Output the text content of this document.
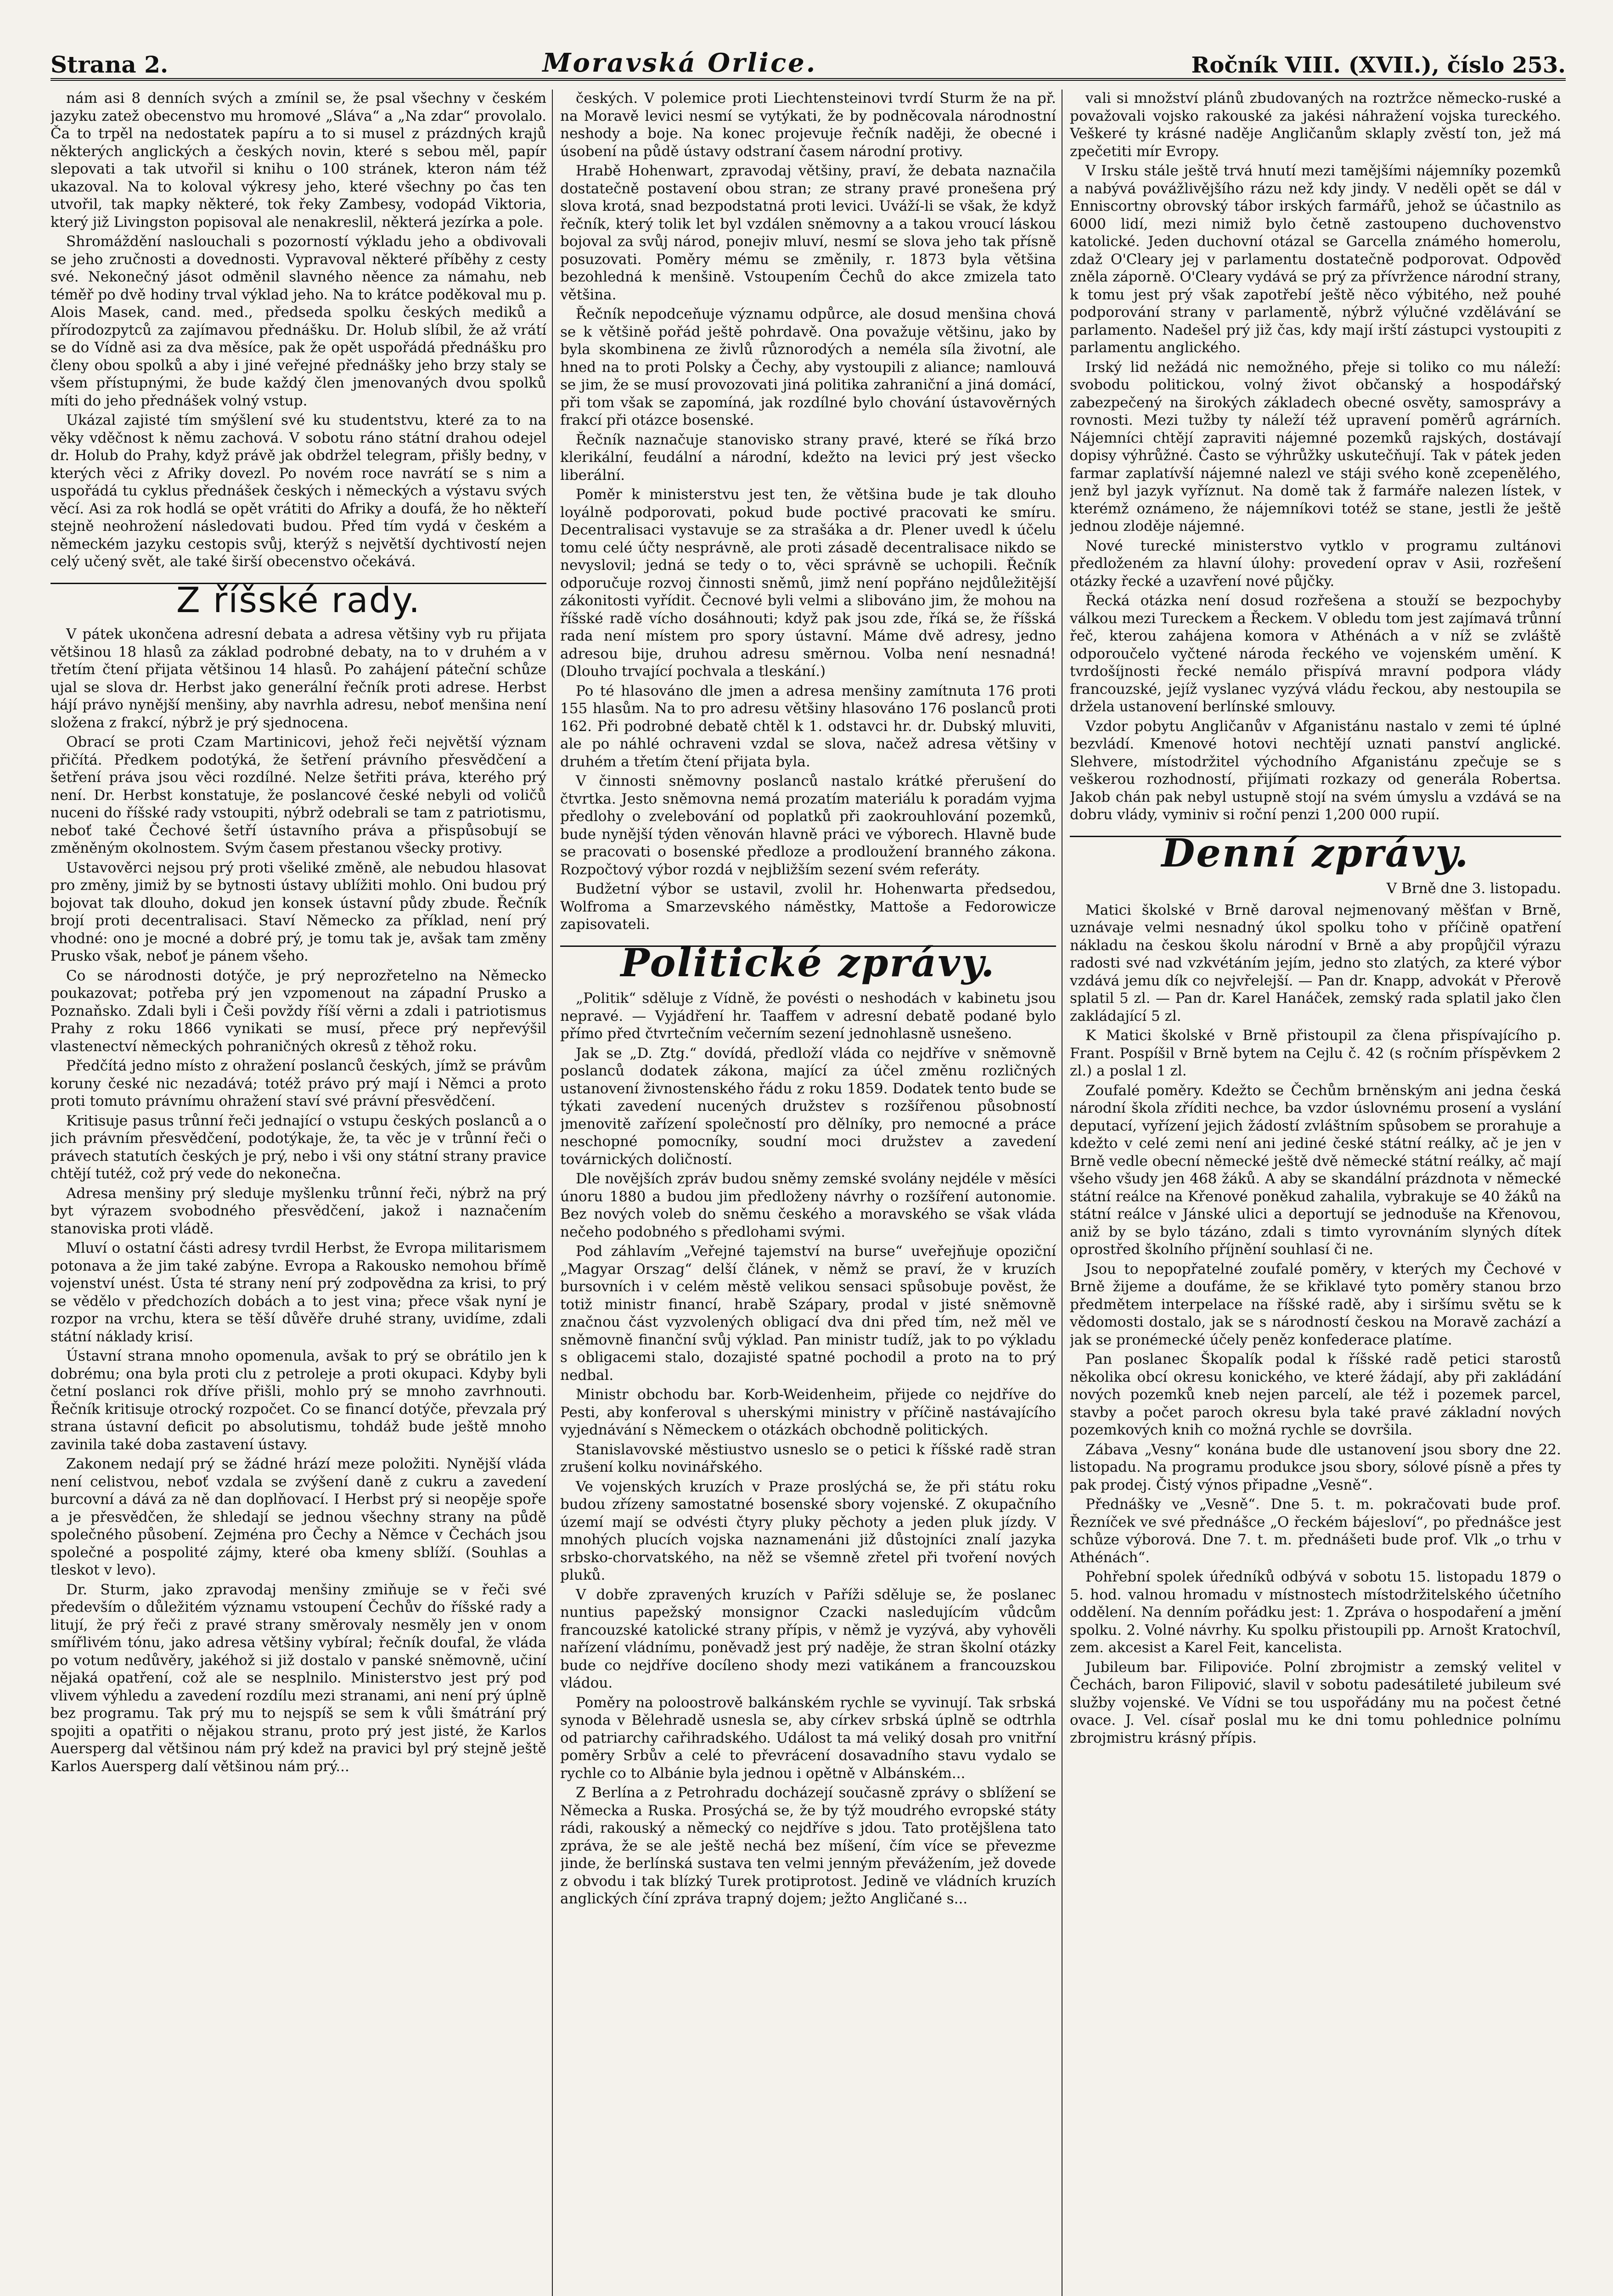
Strana 2.	Moravská Orlice.	Ročník VIII. (XVII.), číslo 253.

nám asi 8 denních svých a zmínil se, že psal všechny v českém jazyku zatež obecenstvo mu hromové „Sláva“ a „Na zdar“ provolalo. Ča to trpěl na nedostatek papíru a to si musel z prázdných krajů některých anglických a českých novin, které s sebou měl, papír slepovati a tak utvořil si knihu o 100 stránek, kteron nám též ukazoval. Na to koloval výkresy jeho, které všechny po čas ten utvořil, tak mapky některé, tok řeky Zambesy, vodopád Viktoria, který již Livingston popisoval ale nenakreslil, některá jezírka a pole.

Shromáždění naslouchali s pozorností výkladu jeho a obdivovali se jeho zručnosti a dovednosti. Vypravoval některé příběhy z cesty své. Nekonečný jásot odměnil slavného něence za námahu, neb téměř po dvě hodiny trval výklad jeho. Na to krátce poděkoval mu p. Alois Masek, cand. med., předseda spolku českých mediků a přírodozpytců za zajímavou přednášku. Dr. Holub slíbil, že až vrátí se do Vídně asi za dva měsíce, pak že opět uspořádá přednášku pro členy obou spolků a aby i jiné veřejné přednášky jeho brzy staly se všem přístupnými, že bude každý člen jmenovaných dvou spolků míti do jeho přednášek volný vstup.

Ukázal zajisté tím smýšlení své ku studentstvu, které za to na věky vděčnost k němu zachová. V sobotu ráno státní drahou odejel dr. Holub do Prahy, když právě jak obdržel telegram, přišly bedny, v kterých věci z Afriky dovezl. Po novém roce navrátí se s nim a uspořádá tu cyklus přednášek českých i německých a výstavu svých věcí. Asi za rok hodlá se opět vrátiti do Afriky a doufá, že ho někteří stejně neohrožení následovati budou. Před tím vydá v českém a německém jazyku cestopis svůj, kterýž s největší dychtivostí nejen celý učený svět, ale také širší obecenstvo očekává.

Z říšské rady.

V pátek ukončena adresní debata a adresa většiny vyb ru přijata většinou 18 hlasů za základ podrobné debaty, na to v druhém a v třetím čtení přijata většinou 14 hlasů. Po zahájení páteční schůze ujal se slova dr. Herbst jako generální řečník proti adrese. Herbst hájí právo nynější menšiny, aby navrhla adresu, neboť menšina není složena z frakcí, nýbrž je prý sjednocena.

Obrací se proti Czam Martinicovi, jehož řeči největší význam přičítá. Předkem podotýká, že šetření právního přesvědčení a šetření práva jsou věci rozdílné. Nelze šetřiti práva, kterého prý není. Dr. Herbst konstatuje, že poslancové české nebyli od voličů nuceni do říšské rady vstoupiti, nýbrž odebrali se tam z patriotismu, neboť také Čechové šetří ústavního práva a přispůsobují se změněným okolnostem. Svým časem přestanou všecky protivy.

Ustavověrci nejsou prý proti všeliké změně, ale nebudou hlasovat pro změny, jimiž by se bytnosti ústavy ublížiti mohlo. Oni budou prý bojovat tak dlouho, dokud jen konsek ústavní půdy zbude. Řečník brojí proti decentralisaci. Staví Německo za příklad, není prý vhodné: ono je mocné a dobré prý, je tomu tak je, avšak tam změny Prusko však, neboť je pánem všeho.

Co se národnosti dotýče, je prý neprozřetelno na Německo poukazovat; potřeba prý jen vzpomenout na západní Prusko a Poznaňsko. Zdali byli i Češi povždy říší věrni a zdali i patriotismus Prahy z roku 1866 vynikati se musí, přece prý nepřevýšil vlastenectví německých pohraničných okresů z těhož roku.

Předčítá jedno místo z ohražení poslanců českých, jímž se právům koruny české nic nezadává; totéž právo prý mají i Němci a proto proti tomuto právnímu ohražení staví své právní přesvědčení.

Kritisuje pasus trůnní řeči jednající o vstupu českých poslanců a o jich právním přesvědčení, podotýkaje, že, ta věc je v trůnní řeči o právech statutích českých je prý, nebo i vši ony státní strany pravice chtějí tutéž, což prý vede do nekonečna.

Adresa menšiny prý sleduje myšlenku trůnní řeči, nýbrž na prý byt výrazem svobodného přesvědčení, jakož i naznačením stanoviska proti vládě.

Mluví o ostatní části adresy tvrdil Herbst, že Evropa militarismem potonava a že jim také zabýne. Evropa a Rakousko nemohou břímě vojenství unést. Ústa té strany není prý zodpovědna za krisi, to prý se vědělo v předchozích dobách a to jest vina; přece však nyní je rozpor na vrchu, ktera se těší důvěře druhé strany, uvidíme, zdali státní náklady krisí.

Ústavní strana mnoho opomenula, avšak to prý se obrátilo jen k dobrému; ona byla proti clu z petroleje a proti okupaci. Kdyby byli četní poslanci rok dříve přišli, mohlo prý se mnoho zavrhnouti. Řečník kritisuje otrocký rozpočet. Co se financí dotýče, převzala prý strana ústavní deficit po absolutismu, tohdáž bude ještě mnoho zavinila také doba zastavení ústavy.

Zakonem nedají prý se žádné hrází meze položiti. Nynější vláda není celistvou, neboť vzdala se zvýšení daně z cukru a zavedení burcovní a dává za ně dan doplňovací. I Herbst prý si neopěje spoře a je přesvědčen, že shledají se jednou všechny strany na půdě společného působení. Zejména pro Čechy a Němce v Čechách jsou společné a pospolité zájmy, které oba kmeny sblíží. (Souhlas a tleskot v levo).

Dr. Sturm, jako zpravodaj menšiny zmiňuje se v řeči své především o důležitém významu vstoupení Čechův do říšské rady a litují, že prý řeči z pravé strany směrovaly nesměly jen v onom smířlivém tónu, jako adresa většiny vybíral; řečník doufal, že vláda po votum nedůvěry, jakéhož si již dostalo v panské sněmovně, učiní nějaká opatření, což ale se nesplnilo. Ministerstvo jest prý pod vlivem výhledu a zavedení rozdílu mezi stranami, ani není prý úplně bez programu. Tak prý mu to nejspíš se sem k vůli šmátrání prý spojiti a opatřiti o nějakou stranu, proto prý jest jisté, že Karlos Auersperg dal většinou nám prý kdež na pravici byl prý stejně ještě Karlos Auersperg dalí většinou nám prý...

českých. V polemice proti Liechtensteinovi tvrdí Sturm že na př. na Moravě levici nesmí se vytýkati, že by podněcovala národnostní neshody a boje. Na konec projevuje řečník naději, že obecné i úsobení na půdě ústavy odstraní časem národní protivy.

Hrabě Hohenwart, zpravodaj většiny, praví, že debata naznačila dostatečně postavení obou stran; ze strany pravé pronešena prý slova krotá, snad bezpodstatná proti levici. Uváží-li se však, že když řečník, který tolik let byl vzdálen sněmovny a a takou vroucí láskou bojoval za svůj národ, ponejiv mluví, nesmí se slova jeho tak přísně posuzovati. Poměry mému se změnily, r. 1873 byla většina bezohledná k menšině. Vstoupením Čechů do akce zmizela tato většina.

Řečník nepodceňuje významu odpůrce, ale dosud menšina chová se k většině pořád ještě pohrdavě. Ona považuje většinu, jako by byla skombinena ze živlů různorodých a neméla síla životní, ale hned na to proti Polsky a Čechy, aby vystoupili z aliance; namlouvá se jim, že se musí provozovati jiná politika zahraniční a jiná domácí, při tom však se zapomíná, jak rozdílné bylo chování ústavověrných frakcí při otázce bosenské.

Řečník naznačuje stanovisko strany pravé, které se říká brzo klerikální, feudální a národní, kdežto na levici prý jest všecko liberální.

Poměr k ministerstvu jest ten, že většina bude je tak dlouho loyálně podporovati, pokud bude poctivé pracovati ke smíru. Decentralisaci vystavuje se za strašáka a dr. Plener uvedl k účelu tomu celé účty nesprávně, ale proti zásadě decentralisace nikdo se nevyslovil; jedná se tedy o to, věci správně se uchopili. Řečník odporučuje rozvoj činnosti sněmů, jimž není popřáno nejdůležitější zákonitosti vyřídit. Čecnové byli velmi a slibováno jim, že mohou na říšské radě vícho dosáhnouti; když pak jsou zde, říká se, že říšská rada není místem pro spory ústavní. Máme dvě adresy, jedno adresou bije, druhou adresu směrnou. Volba není nesnadná! (Dlouho trvající pochvala a tleskání.)

Po té hlasováno dle jmen a adresa menšiny zamítnuta 176 proti 155 hlasům. Na to pro adresu většiny hlasováno 176 poslanců proti 162. Při podrobné debatě chtěl k 1. odstavci hr. dr. Dubský mluviti, ale po náhlé ochraveni vzdal se slova, načež adresa většiny v druhém a třetím čtení přijata byla.

V činnosti sněmovny poslanců nastalo krátké přerušení do čtvrtka. Jesto sněmovna nemá prozatím materiálu k poradám vyjma předlohy o zvelebování od poplatků při zaokrouhlování pozemků, bude nynější týden věnován hlavně práci ve výborech. Hlavně bude se pracovati o bosenské předloze a prodloužení branného zákona. Rozpočtový výbor rozdá v nejbližším sezení svém referáty.

Budžetní výbor se ustavil, zvolil hr. Hohenwarta předsedou, Wolfroma a Smarzevského náměstky, Mattoše a Fedorowicze zapisovateli.

Politické zprávy.

„Politik“ sděluje z Vídně, že povésti o neshodách v kabinetu jsou nepravé. — Vyjádření hr. Taaffem v adresní debatě podané bylo přímo před čtvrtečním večerním sezení jednohlasně usnešeno.

Jak se „D. Ztg.“ dovídá, předloží vláda co nejdříve v sněmovně poslanců dodatek zákona, mající za účel změnu rozličných ustanovení živnostenského řádu z roku 1859. Dodatek tento bude se týkati zavedení nucených družstev s rozšířenou působností jmenovitě zařízení společností pro dělníky, pro nemocné a práce neschopné pomocníky, soudní moci družstev a zavedení továrnických doličností.

Dle novějších zpráv budou sněmy zemské svolány nejdéle v měsíci únoru 1880 a budou jim předloženy návrhy o rozšíření autonomie. Bez nových voleb do sněmu českého a moravského se však vláda nečeho podobného s předlohami svými.

Pod záhlavím „Veřejné tajemství na burse“ uveřejňuje opoziční „Magyar Orszag“ delší článek, v němž se praví, že v kruzích bursovních i v celém městě velikou sensaci spůsobuje pověst, že totiž ministr financí, hrabě Szápary, prodal v jisté sněmovně značnou část vyzvolených obligací dva dni před tím, než měl ve sněmovně finanční svůj výklad. Pan ministr tudíž, jak to po výkladu s obligacemi stalo, dozajisté spatné pochodil a proto na to prý nedbal.

Ministr obchodu bar. Korb-Weidenheim, přijede co nejdříve do Pesti, aby konferoval s uherskými ministry v příčině nastávajícího vyjednávání s Německem o otázkách obchodně politických.

Stanislavovské městiustvo usneslo se o petici k říšské radě stran zrušení kolku novinářského.

Ve vojenských kruzích v Praze proslýchá se, že při státu roku budou zřízeny samostatné bosenské sbory vojenské. Z okupačního území mají se odvésti čtyry pluky pěchoty a jeden pluk jízdy. V mnohých plucích vojska naznamenáni již důstojníci znalí jazyka srbsko-chorvatského, na něž se všemně zřetel při tvoření nových pluků.

V dobře zpravených kruzích v Paříži sděluje se, že poslanec nuntius papežský monsignor Czacki nasledujícím vůdcům francouzské katolické strany přípis, v němž je vyzývá, aby vyhověli nařízení vládnímu, poněvadž jest prý naděje, že stran školní otázky bude co nejdříve docíleno shody mezi vatikánem a francouzskou vládou.

Poměry na poloostrově balkánském rychle se vyvinují. Tak srbská synoda v Bělehradě usnesla se, aby církev srbská úplně se odtrhla od patriarchy cařihradského. Událost ta má veliký dosah pro vnitřní poměry Srbův a celé to převrácení dosavadního stavu vydalo se rychle co to Albánie byla jednou i opětně v Albánském...

Z Berlína a z Petrohradu docházejí současně zprávy o sblížení se Německa a Ruska. Prosýchá se, že by týž moudrého evropské státy rádi, rakouský a německý co nejdříve s jdou. Tato protějšlena tato zpráva, že se ale ještě nechá bez míšení, čím více se převezme jinde, že berlínská sustava ten velmi jenným převážením, jež dovede z obvodu i tak blízký Turek protiprotost. Jedině ve vládních kruzích anglických číní zpráva trapný dojem; ježto Angličané s...

vali si množství plánů zbudovaných na roztržce německo-ruské a považovali vojsko rakouské za jakési náhražení vojska tureckého. Veškeré ty krásné naděje Angličanům sklaply zvěstí ton, jež má zpečetiti mír Evropy.

V Irsku stále ještě trvá hnutí mezi tamějšími nájemníky pozemků a nabývá povážlivějšího rázu než kdy jindy. V neděli opět se dál v Enniscortny obrovský tábor irských farmářů, jehož se účastnilo as 6000 lidí, mezi nimiž bylo četně zastoupeno duchovenstvo katolické. Jeden duchovní otázal se Garcella známého homerolu, zdaž O'Cleary jej v parlamentu dostatečně podporovat. Odpověď zněla záporně. O'Cleary vydává se prý za přívržence národní strany, k tomu jest prý však zapotřebí ještě něco výbitého, než pouhé podporování strany v parlamentě, nýbrž výlučné vzdělávání se parlamento. Nadešel prý již čas, kdy mají irští zástupci vystoupiti z parlamentu anglického.

Irský lid nežádá nic nemožného, přeje si toliko co mu náleží: svobodu politickou, volný život občanský a hospodářský zabezpečený na širokých základech obecné osvěty, samosprávy a rovnosti. Mezi tužby ty náleží též upravení poměrů agrárních. Nájemníci chtějí zapraviti nájemné pozemků rajských, dostávají dopisy výhrůžné. Často se výhrůžky uskutečňují. Tak v pátek jeden farmar zaplatívší nájemné nalezl ve stáji svého koně zcepenělého, jenž byl jazyk vyříznut. Na domě tak ž farmáře nalezen lístek, v kterémž oznámeno, že nájemníkovi totéž se stane, jestli že ještě jednou zloděje nájemné.

Nové turecké ministerstvo vytklo v programu zultánovi předloženém za hlavní úlohy: provedení oprav v Asii, rozřešení otázky řecké a uzavření nové půjčky.

Řecká otázka není dosud rozřešena a stouží se bezpochyby válkou mezi Tureckem a Řeckem. V obledu tom jest zajímavá trůnní řeč, kterou zahájena komora v Athénách a v níž se zvláště odporoučelo vyčtené národa řeckého ve vojenském umění. K tvrdošíjnosti řecké nemálo přispívá mravní podpora vlády francouzské, jejíž vyslanec vyzývá vládu řeckou, aby nestoupila se držela ustanovení berlínské smlouvy.

Vzdor pobytu Angličanův v Afganistánu nastalo v zemi té úplné bezvládí. Kmenové hotovi nechtějí uznati panství anglické. Slehvere, místodržitel východního Afganistánu zpečuje se s veškerou rozhodností, přijímati rozkazy od generála Robertsa. Jakob chán pak nebyl ustupně stojí na svém úmyslu a vzdává se na dobru vlády, vyminiv si roční penzi 1,200 000 rupií.

Denní zprávy.
V Brně dne 3. listopadu.

Matici školské v Brně daroval nejmenovaný měšťan v Brně, uznávaje velmi nesnadný úkol spolku toho v příčině opatření nákladu na českou školu národní v Brně a aby propůjčil výrazu radosti své nad vzkvétáním jejím, jedno sto zlatých, za které výbor vzdává jemu dík co nejvřelejší. — Pan dr. Knapp, advokát v Přerově splatil 5 zl. — Pan dr. Karel Hanáček, zemský rada splatil jako člen zakládající 5 zl.

K Matici školské v Brně přistoupil za člena přispívajícího p. Frant. Pospíšil v Brně bytem na Cejlu č. 42 (s ročním příspěvkem 2 zl.) a poslal 1 zl.

Zoufalé poměry. Kdežto se Čechům brněnským ani jedna česká národní škola zříditi nechce, ba vzdor úslovnému prosení a vyslání deputací, vyřízení jejich žádostí zvláštním spůsobem se prorahuje a kdežto v celé zemi není ani jediné české státní reálky, ač je jen v Brně vedle obecní německé ještě dvě německé státní reálky, ač mají všeho všudy jen 468 žáků. A aby se skandální prázdnota v německé státní reálce na Křenové poněkud zahalila, vybrakuje se 40 žáků na státní reálce v Jánské ulici a deportují se jednoduše na Křenovou, aniž by se bylo tázáno, zdali s timto vyrovnáním slyných dítek oprostřed školního příjnění souhlasí či ne.

Jsou to nepopřatelné zoufalé poměry, v kterých my Čechové v Brně žijeme a doufáme, že se křiklavé tyto poměry stanou brzo předmětem interpelace na říšské radě, aby i siršímu světu se k vědomosti dostalo, jak se s národností českou na Moravě zachází a jak se pronémecké účely peněz konfederace platíme.

Pan poslanec Škopalík podal k říšské radě petici starostů několika obcí okresu konického, ve které žádají, aby při zakládání nových pozemků kneb nejen parcelí, ale též i pozemek parcel, stavby a počet paroch okresu byla také pravé základní nových pozemkových knih co možná rychle se dovršila.

Zábava „Vesny“ konána bude dle ustanovení jsou sbory dne 22. listopadu. Na programu produkce jsou sbory, sólové písně a přes ty pak prodej. Čistý výnos připadne „Vesně“.

Přednášky ve „Vesně“. Dne 5. t. m. pokračovati bude prof. Řezníček ve své přednášce „O řeckém bájesloví“, po přednášce jest schůze výborová. Dne 7. t. m. přednášeti bude prof. Vlk „o trhu v Athénách“.

Pohřební spolek úředníků odbývá v sobotu 15. listopadu 1879 o 5. hod. valnou hromadu v místnostech místodržitelského účetního oddělení. Na denním pořádku jest: 1. Zpráva o hospodaření a jmění spolku. 2. Volné návrhy. Ku spolku přistoupili pp. Arnošt Kratochvíl, zem. akcesist a Karel Feit, kancelista.

Jubileum bar. Filipoviće. Polní zbrojmistr a zemský velitel v Čechách, baron Filipović, slavil v sobotu padesátileté jubileum své služby vojenské. Ve Vídni se tou uspořádány mu na počest četné ovace. J. Vel. císař poslal mu ke dni tomu pohlednice polnímu zbrojmistru krásný přípis.
